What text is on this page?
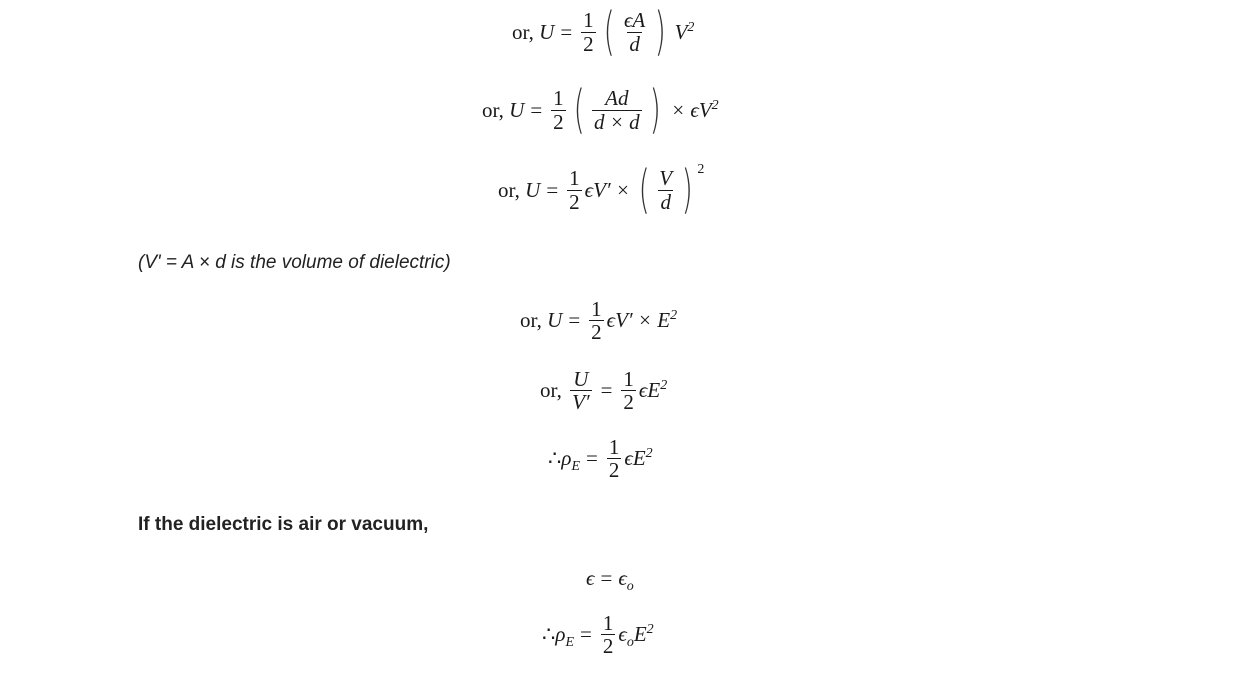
or,
$U = \frac{1}{2}$ ( $\frac{\epsilon A}{d}$ ) $V^2$
or,
$U = \frac{1}{2}$ ( $\frac{Ad}{d \times d}$ ) × $\epsilon V^2$
or,
$U = \frac{1}{2} \epsilon V'$ × ( $\frac{V}{d}$ ) $^2$
(V' = A × d is the volume of dielectric)
or,
$U = \frac{1}{2} \epsilon V' \times E^2$
or,
$\frac{U}{V'} = \frac{1}{2} \epsilon E^2$
∴ $\rho_E = \frac{1}{2} \epsilon E^2$
If the dielectric is air or vacuum,
$\epsilon = \epsilon_o$
∴ $\rho_E = \frac{1}{2} \epsilon_oE^2$
